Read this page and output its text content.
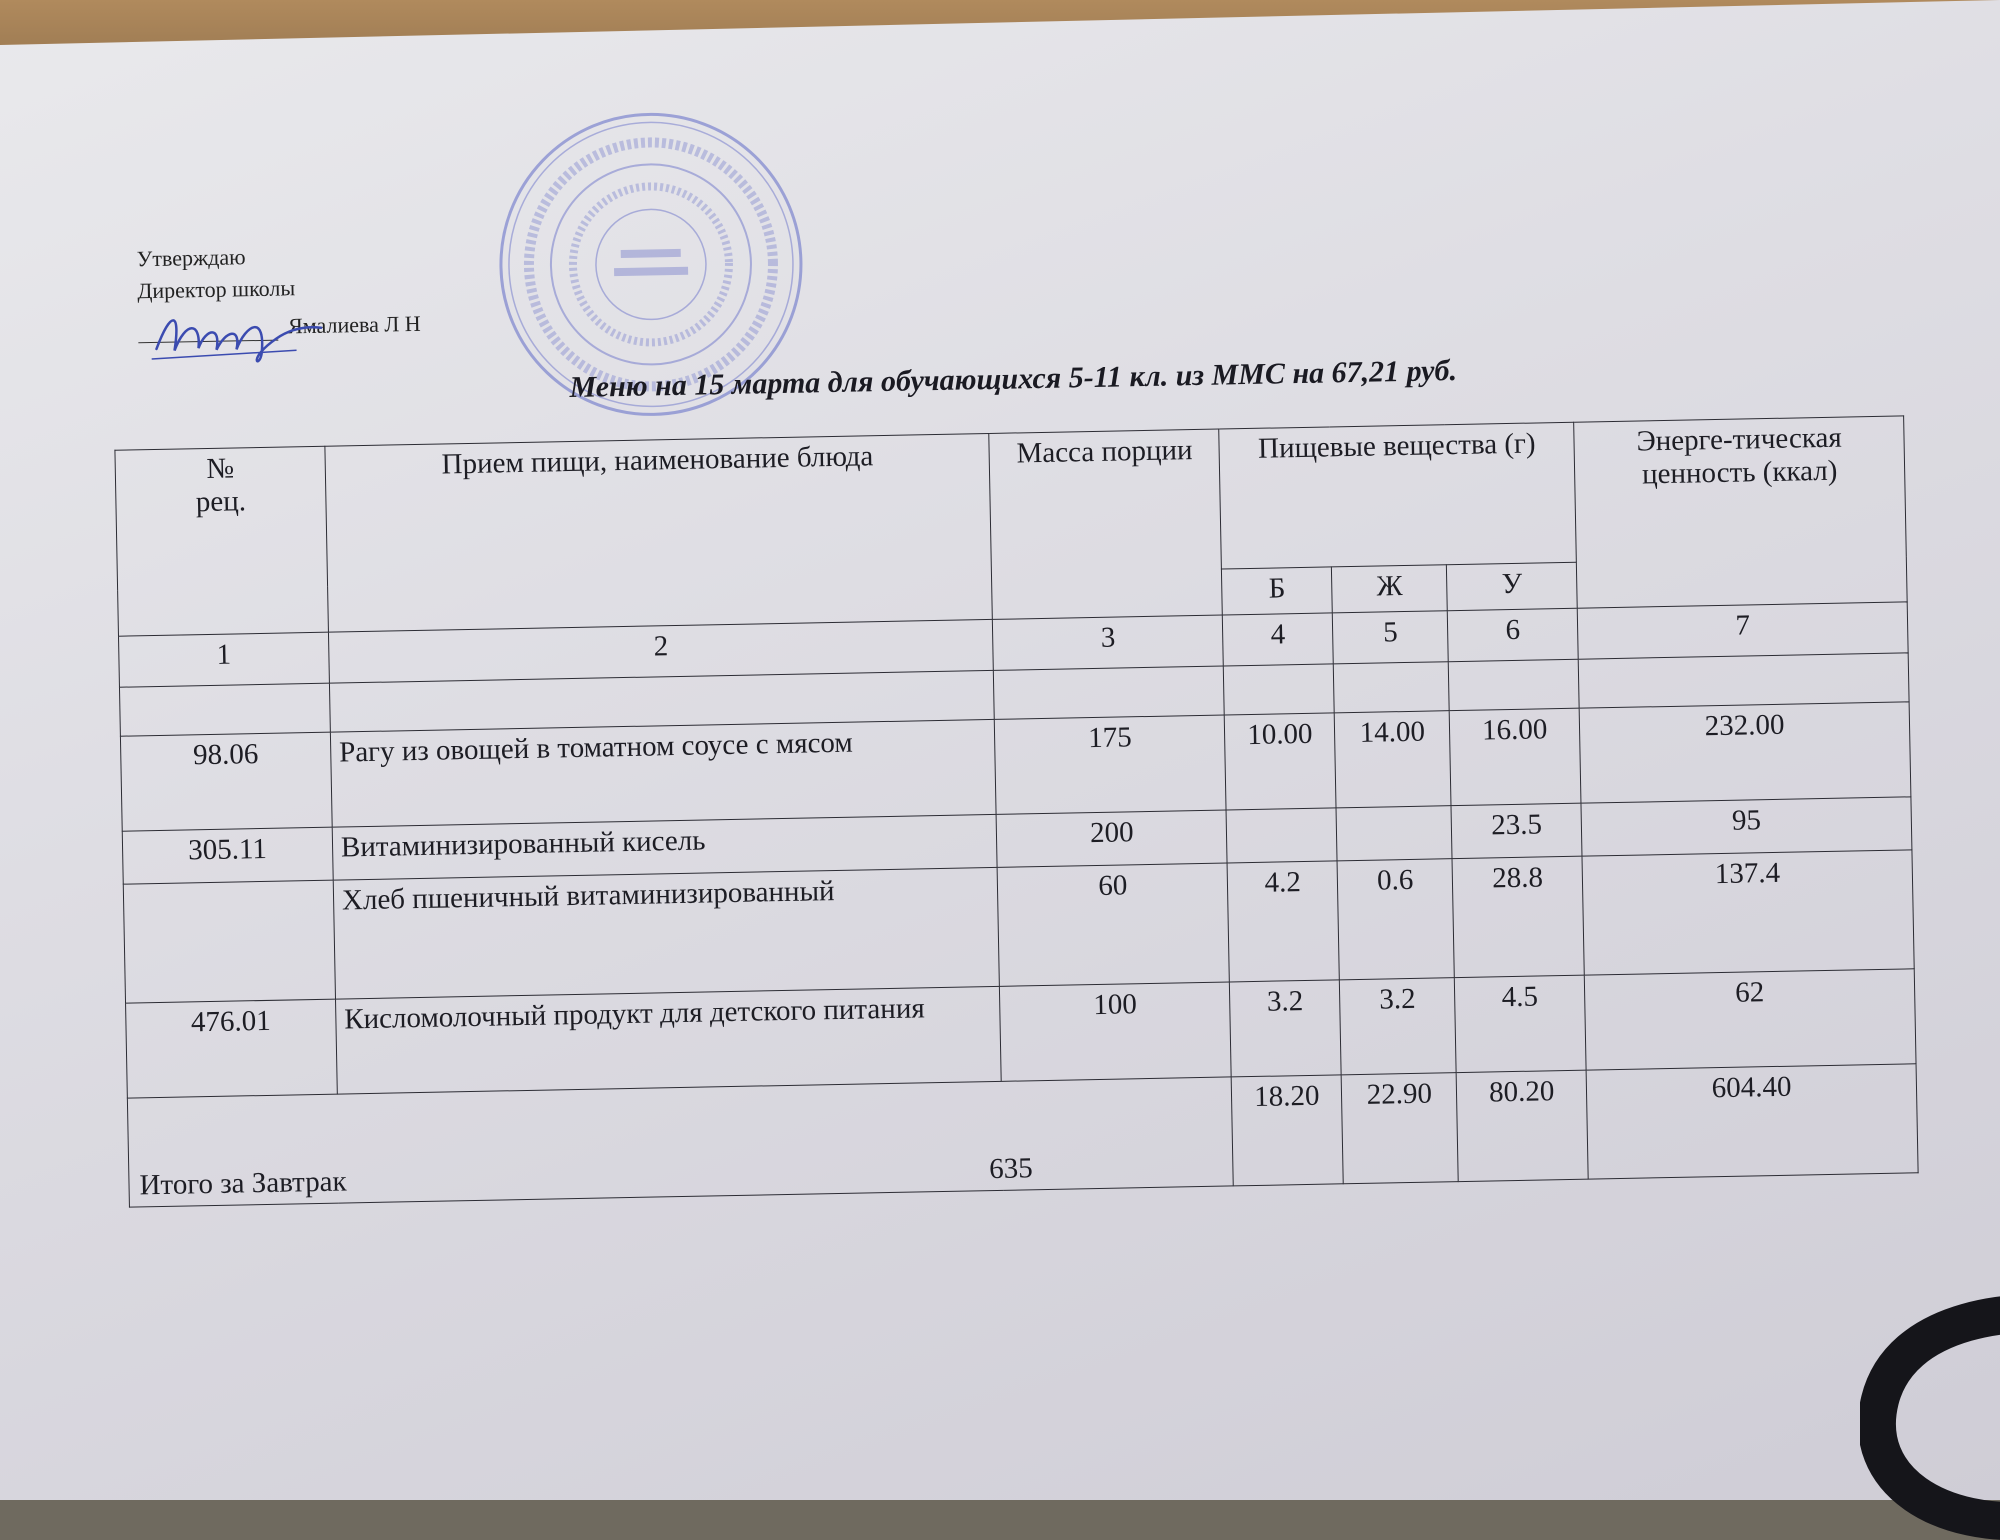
Утверждаю
Директор школы
Ямалиева Л Н
Меню на 15 марта для обучающихся 5-11 кл. из ММС на 67,21 руб.
№
рец.	Прием пищи, наименование блюда	Масса порции	Пищевые вещества (г)			Энерге-тическая ценность (ккал)
			Б	Ж	У	
1	2	3	4	5	6	7

98.06	Рагу из овощей в томатном соусе с мясом	175	10.00	14.00	16.00	232.00
305.11	Витаминизированный кисель	200			23.5	95
	Хлеб пшеничный витаминизированный	60	4.2	0.6	28.8	137.4
476.01	Кисломолочный продукт для детского питания	100	3.2	3.2	4.5	62

Итого за Завтрак 635			18.20	22.90	80.20	604.40
